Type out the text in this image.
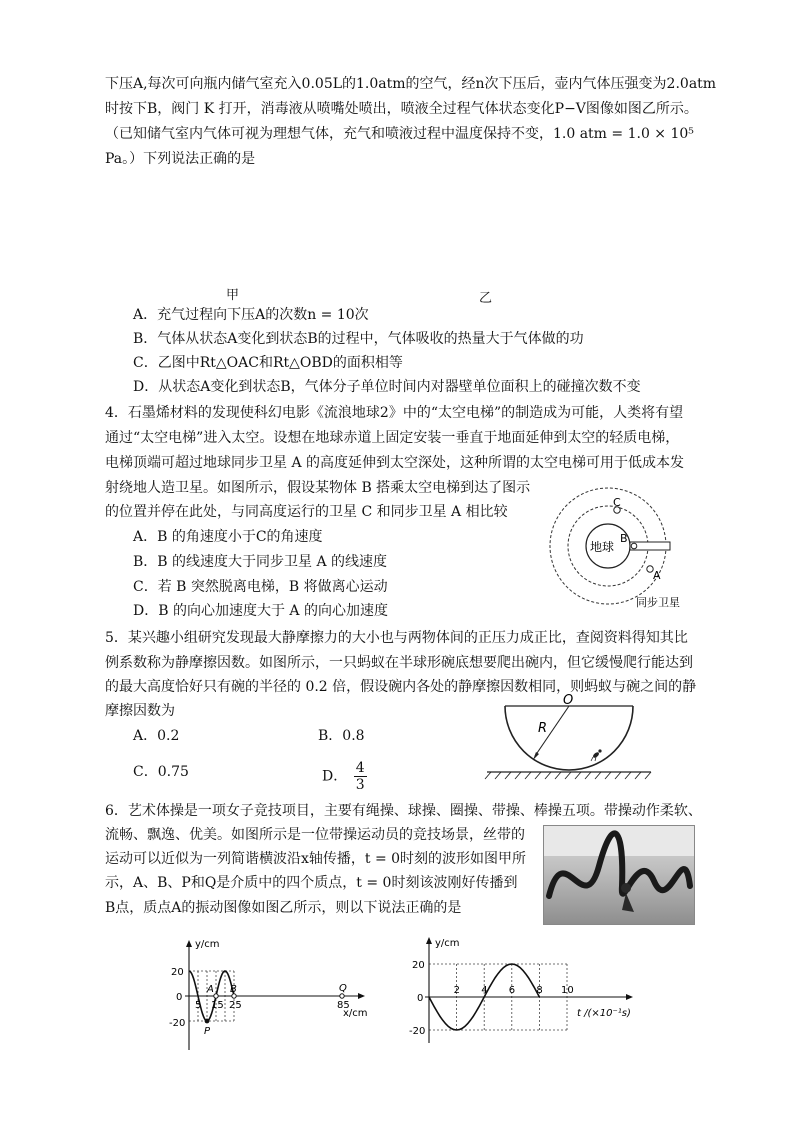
下压A,每次可向瓶内储气室充入0.05L的1.0atm的空气，经n次下压后，壶内气体压强变为2.0atm
时按下B，阀门 K 打开，消毒液从喷嘴处喷出，喷液全过程气体状态变化P−V图像如图乙所示。
（已知储气室内气体可视为理想气体，充气和喷液过程中温度保持不变，1.0 atm = 1.0 × 10⁵
Pa。）下列说法正确的是
甲	乙
A．充气过程向下压A的次数n = 10次
B．气体从状态A变化到状态B的过程中，气体吸收的热量大于气体做的功
C．乙图中Rt△OAC和Rt△OBD的面积相等
D．从状态A变化到状态B，气体分子单位时间内对器壁单位面积上的碰撞次数不变
4．石墨烯材料的发现使科幻电影《流浪地球2》中的“太空电梯”的制造成为可能，人类将有望
通过“太空电梯”进入太空。设想在地球赤道上固定安装一垂直于地面延伸到太空的轻质电梯，
电梯顶端可超过地球同步卫星 A 的高度延伸到太空深处，这种所谓的太空电梯可用于低成本发
射绕地人造卫星。如图所示，假设某物体 B 搭乘太空电梯到达了图示
的位置并停在此处，与同高度运行的卫星 C 和同步卫星 A 相比较
A．B 的角速度小于C的角速度
B．B 的线速度大于同步卫星 A 的线速度
C．若 B 突然脱离电梯，B 将做离心运动
D．B 的向心加速度大于 A 的向心加速度
地球
C
B
A
同步卫星
5．某兴趣小组研究发现最大静摩擦力的大小也与两物体间的正压力成正比，查阅资料得知其比
例系数称为静摩擦因数。如图所示，一只蚂蚁在半球形碗底想要爬出碗内，但它缓慢爬行能达到
的最大高度恰好只有碗的半径的 0.2 倍，假设碗内各处的静摩擦因数相同，则蚂蚁与碗之间的静
摩擦因数为
A．0.2	B．0.8
C．0.75	D． $\frac{4}{3}$
O
R
6．艺术体操是一项女子竞技项目，主要有绳操、球操、圈操、带操、棒操五项。带操动作柔软、
流畅、飘逸、优美。如图所示是一位带操运动员的竞技场景，丝带的
运动可以近似为一列简谐横波沿x轴传播，t = 0时刻的波形如图甲所
示，A、B、P和Q是介质中的四个质点，t = 0时刻该波刚好传播到
B点，质点A的振动图像如图乙所示，则以下说法正确的是
y/cm
x/cm
20
0
-20
5 15 25	85
A B
P
Q
y/cm
t /(×10⁻¹s)
20
0
-20
2 4 6 8 10
